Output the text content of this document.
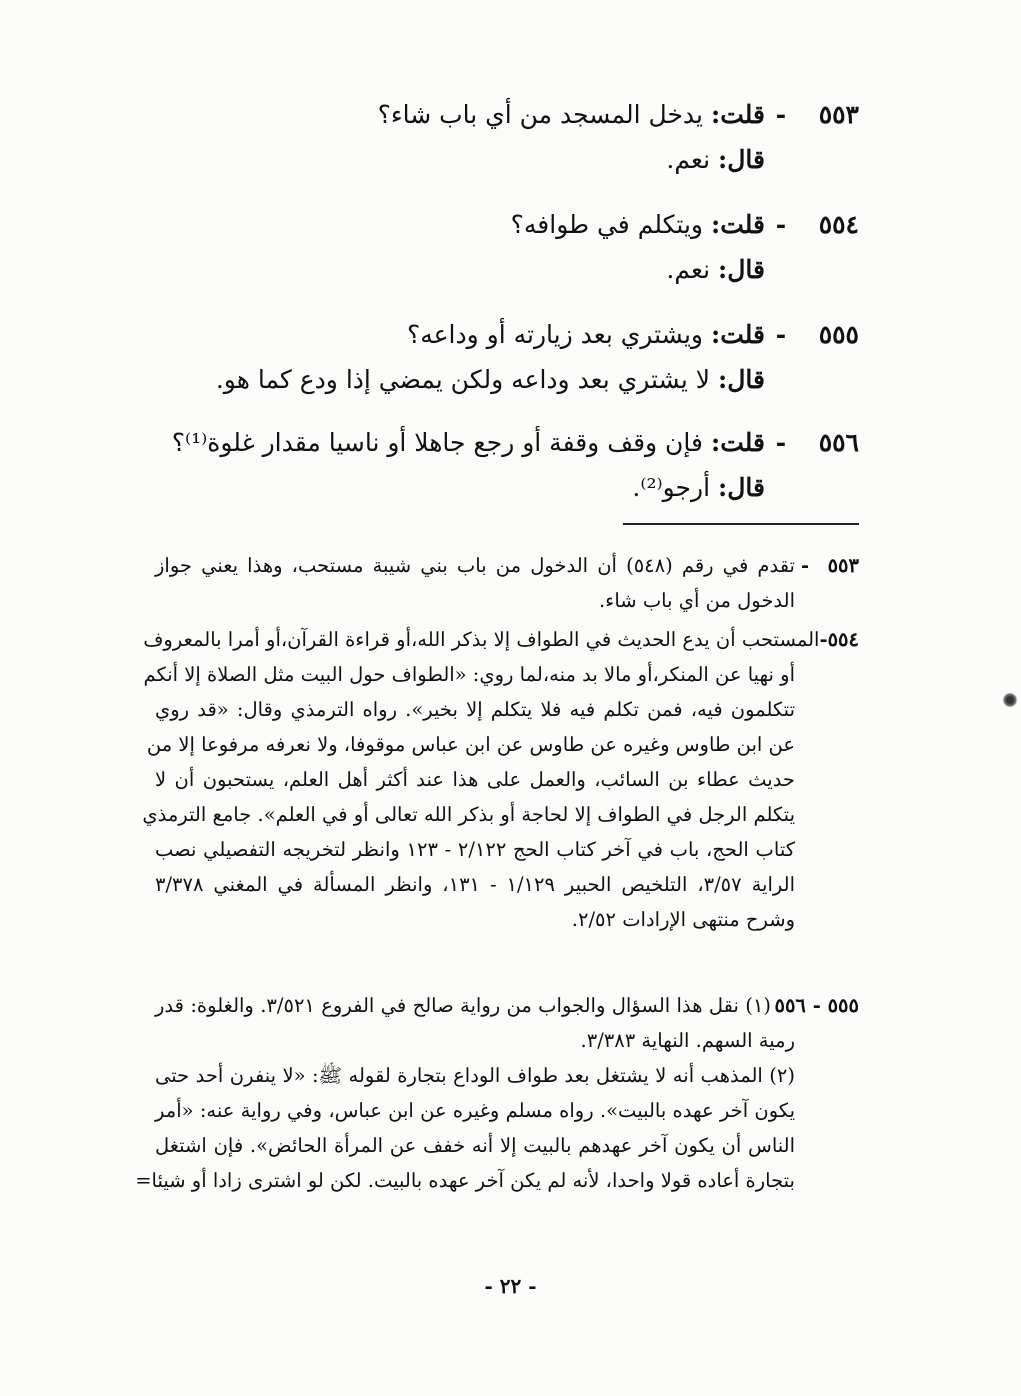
٥٥٣
-
قلت:
يدخل المسجد من أي باب شاء؟
قال:
نعم.
٥٥٤
-
قلت:
ويتكلم في طوافه؟
قال:
نعم.
٥٥٥
-
قلت:
ويشتري بعد زيارته أو وداعه؟
قال:
لا يشتري بعد وداعه ولكن يمضي إذا ودع كما هو.
٥٥٦
-
قلت:
فإن وقف وقفة أو رجع جاهلا أو ناسيا مقدار غلوة⁽¹⁾؟
قال:
أرجو⁽²⁾.
٥٥٣
-
تقدم في رقم (٥٤٨) أن الدخول من باب بني شيبة مستحب، وهذا يعني جواز
الدخول من أي باب شاء.
٥٥٤
-
المستحب أن يدع الحديث في الطواف إلا بذكر الله،أو قراءة القرآن،أو أمرا بالمعروف
أو نهيا عن المنكر،أو مالا بد منه،لما روي: «الطواف حول البيت مثل الصلاة إلا أنكم
تتكلمون فيه، فمن تكلم فيه فلا يتكلم إلا بخير». رواه الترمذي وقال: «قد روي
عن ابن طاوس وغيره عن طاوس عن ابن عباس موقوفا، ولا نعرفه مرفوعا إلا من
حديث عطاء بن السائب، والعمل على هذا عند أكثر أهل العلم، يستحبون أن لا
يتكلم الرجل في الطواف إلا لحاجة أو بذكر الله تعالى أو في العلم». جامع الترمذي
كتاب الحج، باب في آخر كتاب الحج ٢/١٢٢ - ١٢٣ وانظر لتخريجه التفصيلي نصب
الراية ٣/٥٧، التلخيص الحبير ١/١٢٩ - ١٣١، وانظر المسألة في المغني ٣/٣٧٨
وشرح منتهى الإرادات ٢/٥٢.
٥٥٥ - ٥٥٦
(١) نقل هذا السؤال والجواب من رواية صالح في الفروع ٣/٥٢١. والغلوة: قدر
رمية السهم. النهاية ٣/٣٨٣.
(٢) المذهب أنه لا يشتغل بعد طواف الوداع بتجارة لقوله ﷺ: «لا ينفرن أحد حتى
يكون آخر عهده بالبيت». رواه مسلم وغيره عن ابن عباس، وفي رواية عنه: «أمر
الناس أن يكون آخر عهدهم بالبيت إلا أنه خفف عن المرأة الحائض». فإن اشتغل
بتجارة أعاده قولا واحدا، لأنه لم يكن آخر عهده بالبيت. لكن لو اشترى زادا أو شيئا=
- ٢٢ -
